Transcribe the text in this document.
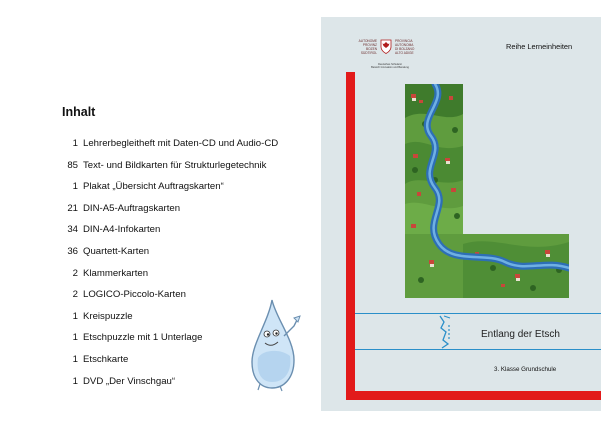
Inhalt
1 Lehrerbegleitheft mit Daten-CD und Audio-CD
85 Text- und Bildkarten für Strukturlegetechnik
1 Plakat „Übersicht Auftragskarten“
21 DIN-A5-Auftragskarten
34 DIN-A4-Infokarten
36 Quartett-Karten
2 Klammerkarten
2 LOGICO-Piccolo-Karten
1 Kreispuzzle
1 Etschpuzzle mit 1 Unterlage
1 Etschkarte
1 DVD „Der Vinschgau“
AUTONOME
PROVINZ
BOZEN
SÜDTIROL
PROVINCIA
AUTONOMA
DI BOLZANO
ALTO ADIGE
Deutsches Schulamt
Bereich Innovation und Beratung
Reihe Lerneinheiten
Entlang der Etsch
3. Klasse Grundschule
